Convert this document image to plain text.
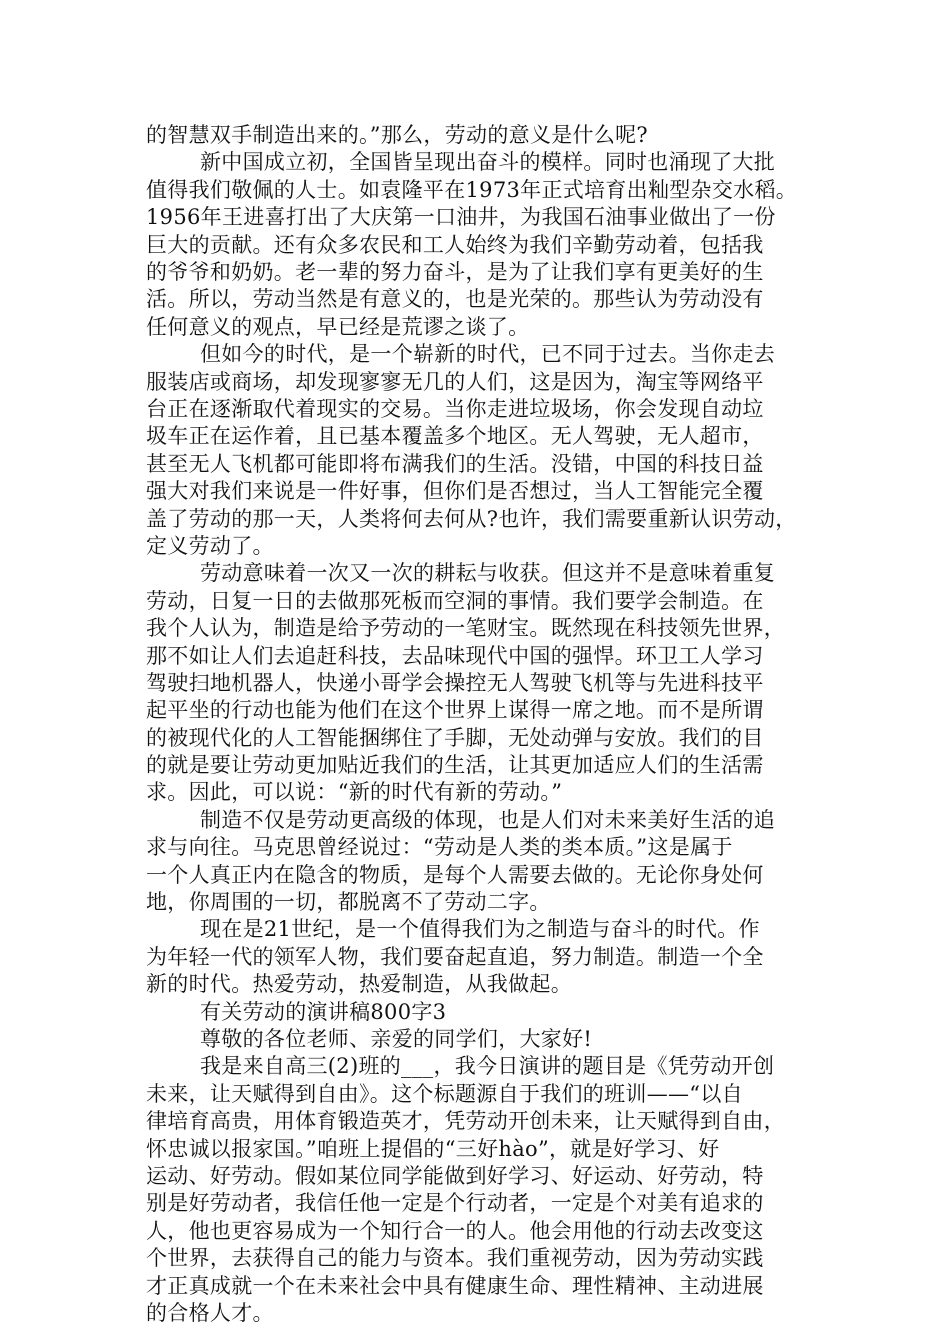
的智慧双手制造出来的。”那么，劳动的意义是什么呢?
新中国成立初，全国皆呈现出奋斗的模样。同时也涌现了大批
值得我们敬佩的人士。如袁隆平在1973年正式培育出籼型杂交水稻。
1956年王进喜打出了大庆第一口油井，为我国石油事业做出了一份
巨大的贡献。还有众多农民和工人始终为我们辛勤劳动着，包括我
的爷爷和奶奶。老一辈的努力奋斗，是为了让我们享有更美好的生
活。所以，劳动当然是有意义的，也是光荣的。那些认为劳动没有
任何意义的观点，早已经是荒谬之谈了。
但如今的时代，是一个崭新的时代，已不同于过去。当你走去
服装店或商场，却发现寥寥无几的人们，这是因为，淘宝等网络平
台正在逐渐取代着现实的交易。当你走进垃圾场，你会发现自动垃
圾车正在运作着，且已基本覆盖多个地区。无人驾驶，无人超市，
甚至无人飞机都可能即将布满我们的生活。没错，中国的科技日益
强大对我们来说是一件好事，但你们是否想过，当人工智能完全覆
盖了劳动的那一天，人类将何去何从?也许，我们需要重新认识劳动，
定义劳动了。
劳动意味着一次又一次的耕耘与收获。但这并不是意味着重复
劳动，日复一日的去做那死板而空洞的事情。我们要学会制造。在
我个人认为，制造是给予劳动的一笔财宝。既然现在科技领先世界，
那不如让人们去追赶科技，去品味现代中国的强悍。环卫工人学习
驾驶扫地机器人，快递小哥学会操控无人驾驶飞机等与先进科技平
起平坐的行动也能为他们在这个世界上谋得一席之地。而不是所谓
的被现代化的人工智能捆绑住了手脚，无处动弹与安放。我们的目
的就是要让劳动更加贴近我们的生活，让其更加适应人们的生活需
求。因此，可以说：“新的时代有新的劳动。”
制造不仅是劳动更高级的体现，也是人们对未来美好生活的追
求与向往。马克思曾经说过：“劳动是人类的类本质。”这是属于
一个人真正内在隐含的物质，是每个人需要去做的。无论你身处何
地，你周围的一切，都脱离不了劳动二字。
现在是21世纪，是一个值得我们为之制造与奋斗的时代。作
为年轻一代的领军人物，我们要奋起直追，努力制造。制造一个全
新的时代。热爱劳动，热爱制造，从我做起。
有关劳动的演讲稿800字3
尊敬的各位老师、亲爱的同学们，大家好!
我是来自高三(2)班的___，我今日演讲的题目是《凭劳动开创
未来，让天赋得到自由》。这个标题源自于我们的班训——“以自
律培育高贵，用体育锻造英才，凭劳动开创未来，让天赋得到自由，
怀忠诚以报家国。”咱班上提倡的“三好hào”，就是好学习、好
运动、好劳动。假如某位同学能做到好学习、好运动、好劳动，特
别是好劳动者，我信任他一定是个行动者，一定是个对美有追求的
人，他也更容易成为一个知行合一的人。他会用他的行动去改变这
个世界，去获得自己的能力与资本。我们重视劳动，因为劳动实践
才正真成就一个在未来社会中具有健康生命、理性精神、主动进展
的合格人才。
